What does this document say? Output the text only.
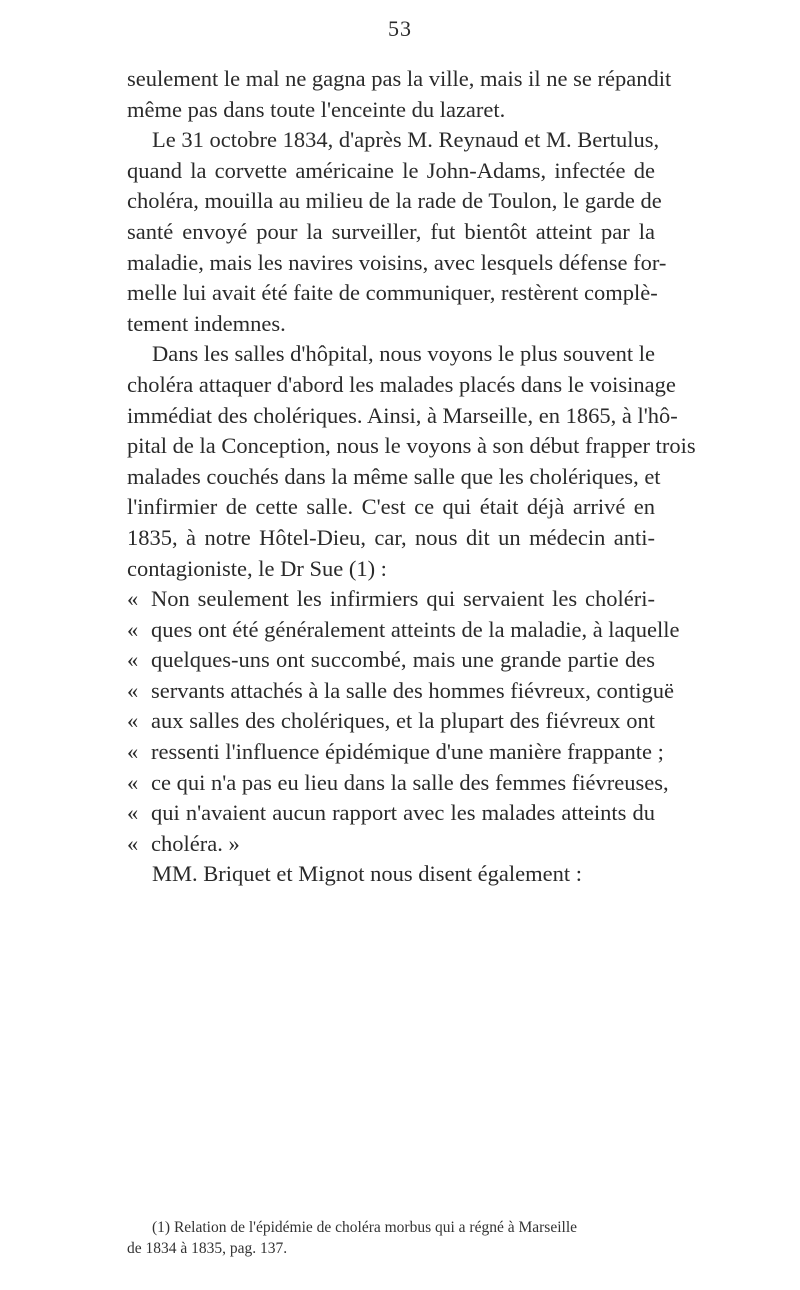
53
seulement le mal ne gagna pas la ville, mais il ne se répandit
même pas dans toute l'enceinte du lazaret.
Le 31 octobre 1834, d'après M. Reynaud et M. Bertulus,
quand la corvette américaine le John-Adams, infectée de
choléra, mouilla au milieu de la rade de Toulon, le garde de
santé envoyé pour la surveiller, fut bientôt atteint par la
maladie, mais les navires voisins, avec lesquels défense for-
melle lui avait été faite de communiquer, restèrent complè-
tement indemnes.
Dans les salles d'hôpital, nous voyons le plus souvent le
choléra attaquer d'abord les malades placés dans le voisinage
immédiat des cholériques. Ainsi, à Marseille, en 1865, à l'hô-
pital de la Conception, nous le voyons à son début frapper trois
malades couchés dans la même salle que les cholériques, et
l'infirmier de cette salle. C'est ce qui était déjà arrivé en
1835, à notre Hôtel-Dieu, car, nous dit un médecin anti-
contagioniste, le Dr Sue (1) :
« Non seulement les infirmiers qui servaient les choléri-
« ques ont été généralement atteints de la maladie, à laquelle
« quelques-uns ont succombé, mais une grande partie des
« servants attachés à la salle des hommes fiévreux, contiguë
« aux salles des cholériques, et la plupart des fiévreux ont
« ressenti l'influence épidémique d'une manière frappante ;
« ce qui n'a pas eu lieu dans la salle des femmes fiévreuses,
« qui n'avaient aucun rapport avec les malades atteints du
« choléra. »
MM. Briquet et Mignot nous disent également :
(1) Relation de l'épidémie de choléra morbus qui a régné à Marseille
de 1834 à 1835, pag. 137.
